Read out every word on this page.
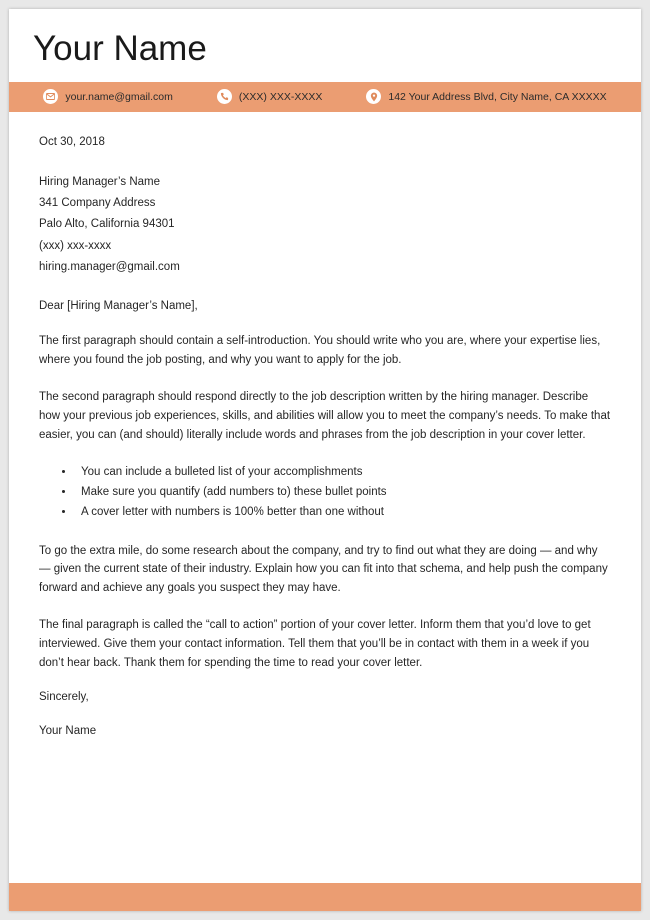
Your Name
your.name@gmail.com	(XXX) XXX-XXXX	142 Your Address Blvd, City Name, CA XXXXX
Oct 30, 2018
Hiring Manager’s Name
341 Company Address
Palo Alto, California 94301
(xxx) xxx-xxxx
hiring.manager@gmail.com
Dear [Hiring Manager’s Name],

The first paragraph should contain a self-introduction. You should write who you are, where your expertise lies, where you found the job posting, and why you want to apply for the job.

The second paragraph should respond directly to the job description written by the hiring manager. Describe how your previous job experiences, skills, and abilities will allow you to meet the company’s needs. To make that easier, you can (and should) literally include words and phrases from the job description in your cover letter.

• You can include a bulleted list of your accomplishments
• Make sure you quantify (add numbers to) these bullet points
• A cover letter with numbers is 100% better than one without

To go the extra mile, do some research about the company, and try to find out what they are doing — and why — given the current state of their industry. Explain how you can fit into that schema, and help push the company forward and achieve any goals you suspect they may have.

The final paragraph is called the “call to action” portion of your cover letter. Inform them that you’d love to get interviewed. Give them your contact information. Tell them that you’ll be in contact with them in a week if you don’t hear back. Thank them for spending the time to read your cover letter.

Sincerely,
Your Name
